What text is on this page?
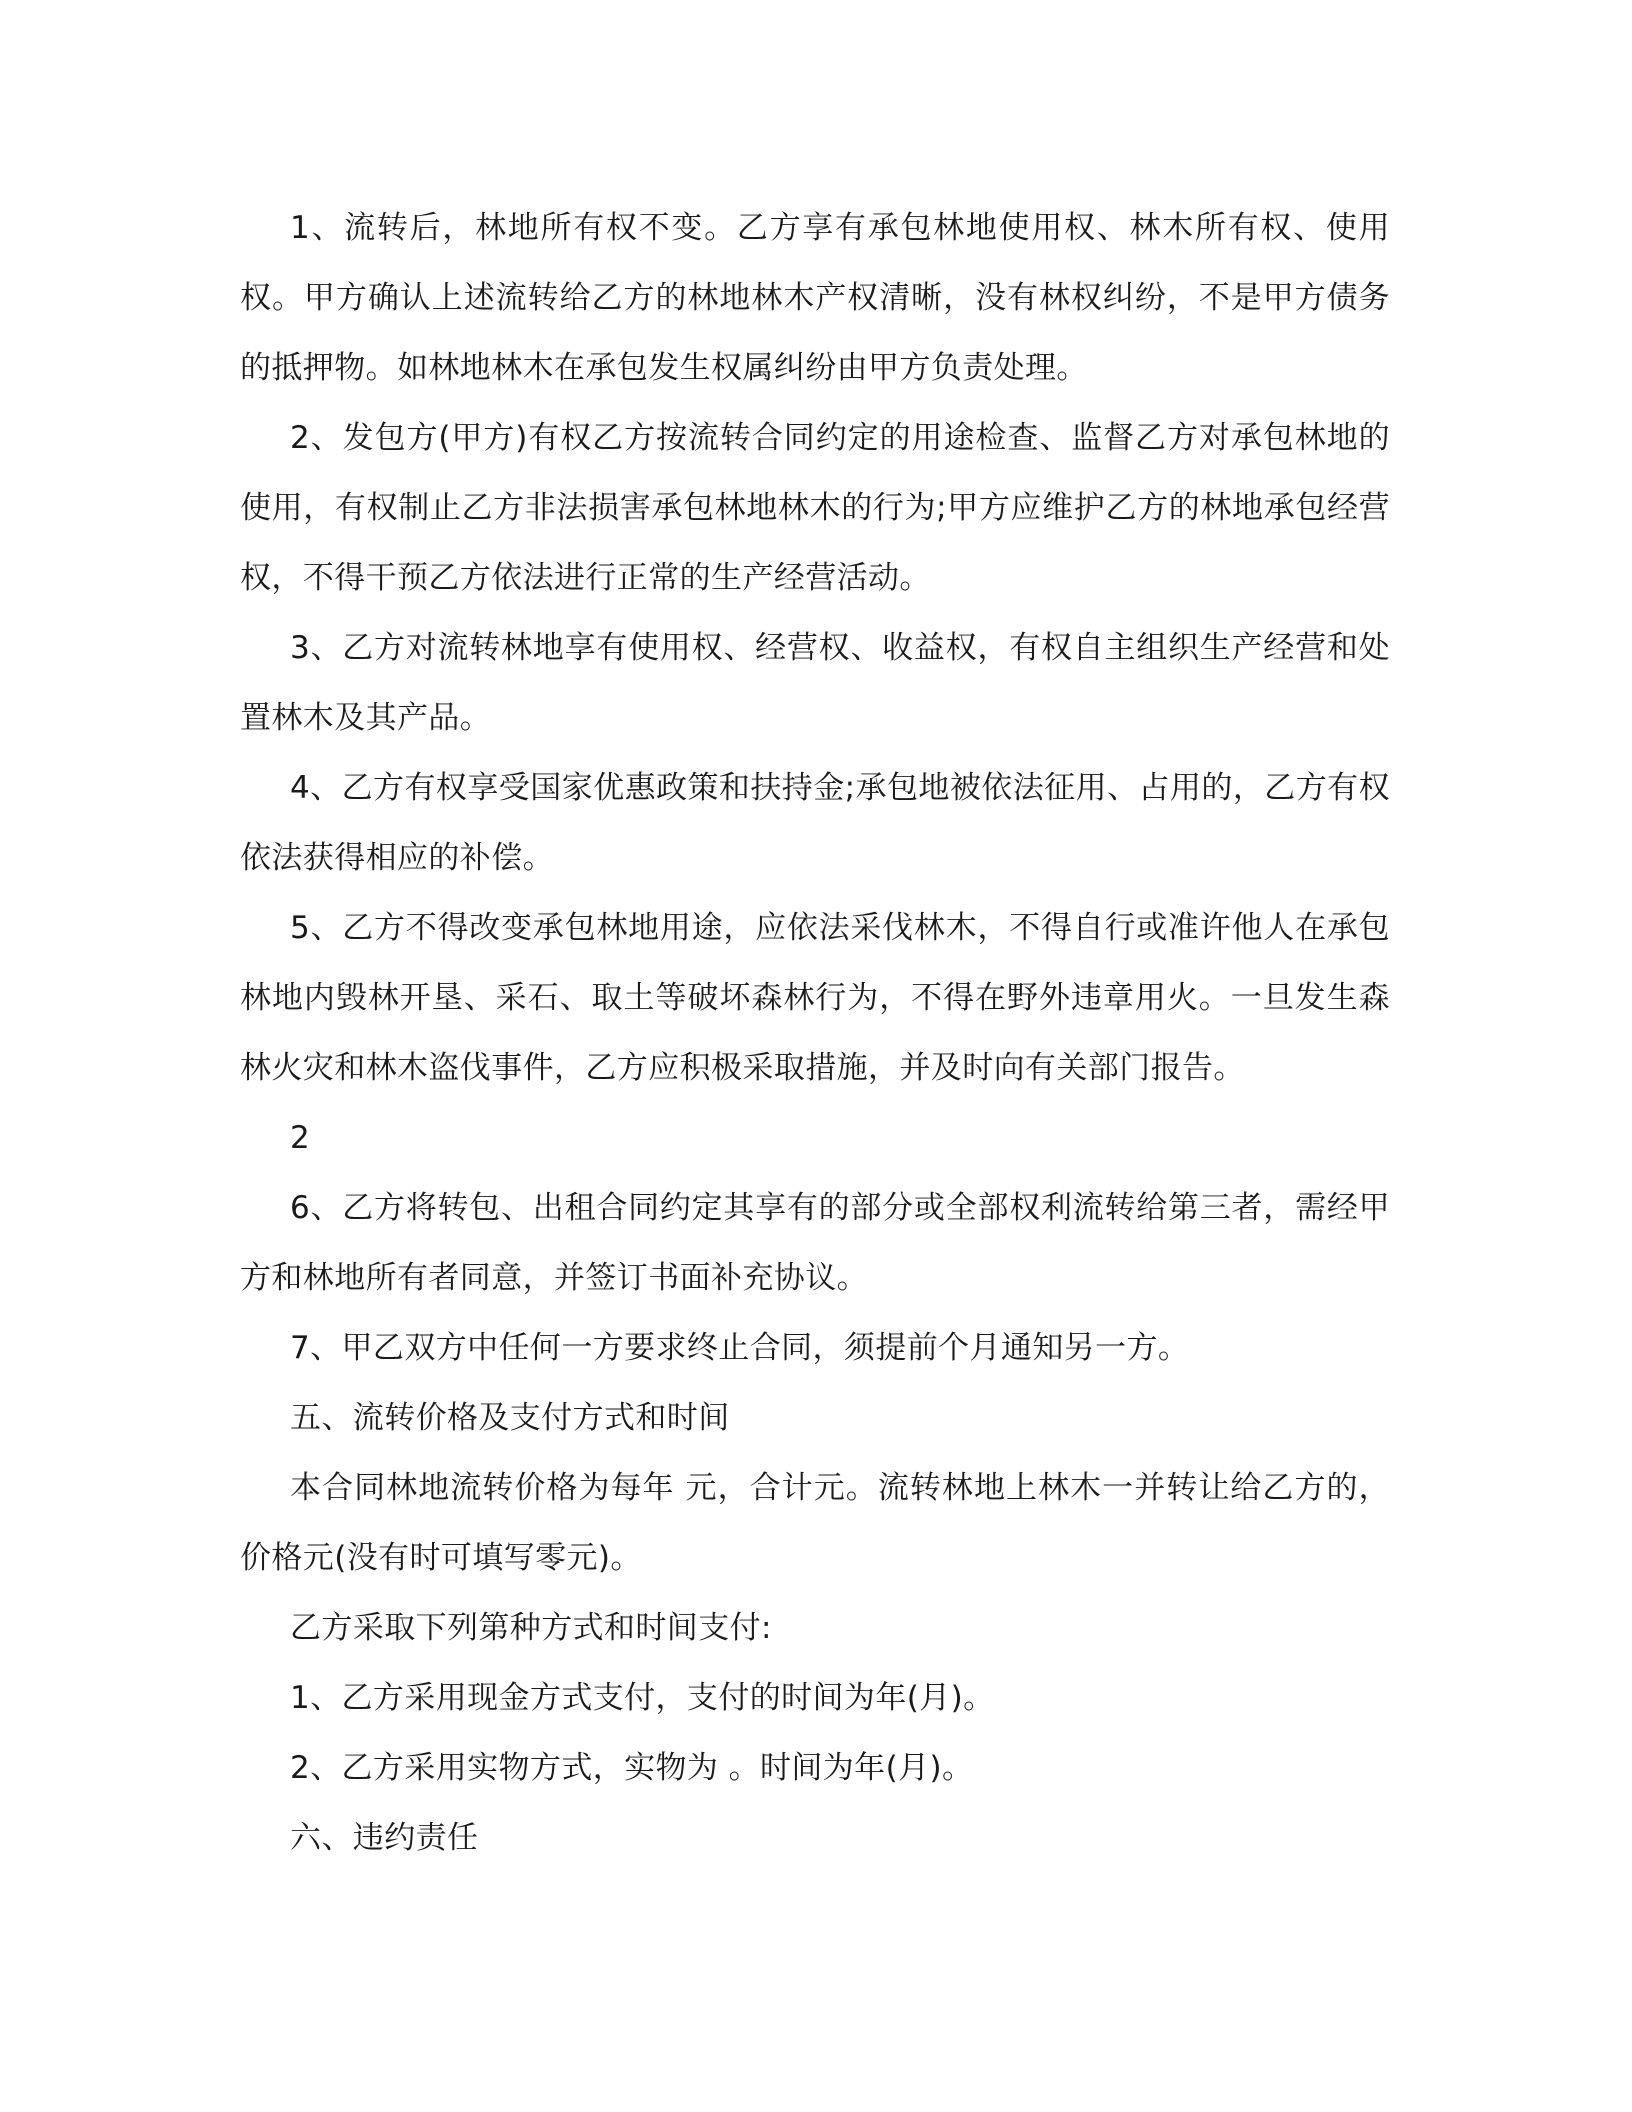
1、流转后，林地所有权不变。乙方享有承包林地使用权、林木所有权、使用权。甲方确认上述流转给乙方的林地林木产权清晰，没有林权纠纷，不是甲方债务的抵押物。如林地林木在承包发生权属纠纷由甲方负责处理。

2、发包方(甲方)有权乙方按流转合同约定的用途检查、监督乙方对承包林地的使用，有权制止乙方非法损害承包林地林木的行为;甲方应维护乙方的林地承包经营权，不得干预乙方依法进行正常的生产经营活动。

3、乙方对流转林地享有使用权、经营权、收益权，有权自主组织生产经营和处置林木及其产品。

4、乙方有权享受国家优惠政策和扶持金;承包地被依法征用、占用的，乙方有权依法获得相应的补偿。

5、乙方不得改变承包林地用途，应依法采伐林木，不得自行或准许他人在承包林地内毁林开垦、采石、取土等破坏森林行为，不得在野外违章用火。一旦发生森林火灾和林木盗伐事件，乙方应积极采取措施，并及时向有关部门报告。

2

6、乙方将转包、出租合同约定其享有的部分或全部权利流转给第三者，需经甲方和林地所有者同意，并签订书面补充协议。

7、甲乙双方中任何一方要求终止合同，须提前个月通知另一方。

五、流转价格及支付方式和时间

本合同林地流转价格为每年 元，合计元。流转林地上林木一并转让给乙方的，价格元(没有时可填写零元)。

乙方采取下列第种方式和时间支付:

1、乙方采用现金方式支付，支付的时间为年(月)。

2、乙方采用实物方式，实物为 。时间为年(月)。

六、违约责任
